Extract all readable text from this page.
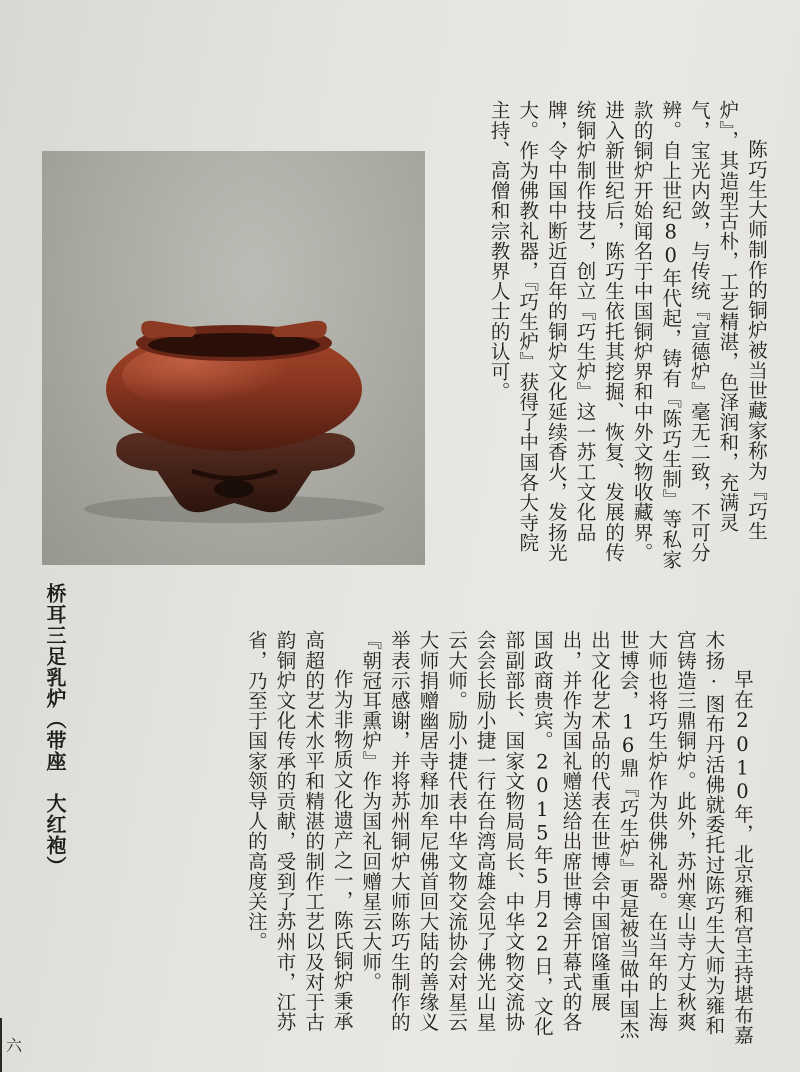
陈巧生大师制作的铜炉被当世藏家称为『巧生炉』，其造型古朴，工艺精湛，色泽润和，充满灵气，宝光内敛，与传统『宣德炉』毫无二致，不可分辨。自上世纪80年代起，铸有『陈巧生制』等私家款的铜炉开始闻名于中国铜炉界和中外文物收藏界。进入新世纪后，陈巧生依托其挖掘、恢复、发展的传统铜炉制作技艺，创立『巧生炉』这一苏工文化品牌，令中国中断近百年的铜炉文化延续香火，发扬光大。作为佛教礼器，『巧生炉』获得了中国各大寺院主持、高僧和宗教界人士的认可。

早在2010年，北京雍和宫主持堪布嘉木扬·图布丹活佛就委托过陈巧生大师为雍和宫铸造三鼎铜炉。此外，苏州寒山寺方丈秋爽大师也将巧生炉作为供佛礼器。在当年的上海世博会，16鼎『巧生炉』更是被当做中国杰出文化艺术品的代表在世博会中国馆隆重展出，并作为国礼赠送给出席世博会开幕式的各国政商贵宾。2015年5月22日，文化部副部长、国家文物局局长、中华文物交流协会会长励小捷一行在台湾高雄会见了佛光山星云大师。励小捷代表中华文物交流协会对星云大师捐赠幽居寺释加牟尼佛首回大陆的善缘义举表示感谢，并将苏州铜炉大师陈巧生制作的『朝冠耳熏炉』作为国礼回赠星云大师。

作为非物质文化遗产之一，陈氏铜炉秉承高超的艺术水平和精湛的制作工艺以及对于古韵铜炉文化传承的贡献，受到了苏州市，江苏省，乃至于国家领导人的高度关注。

桥耳三足乳炉（带座　大红袍）
六
